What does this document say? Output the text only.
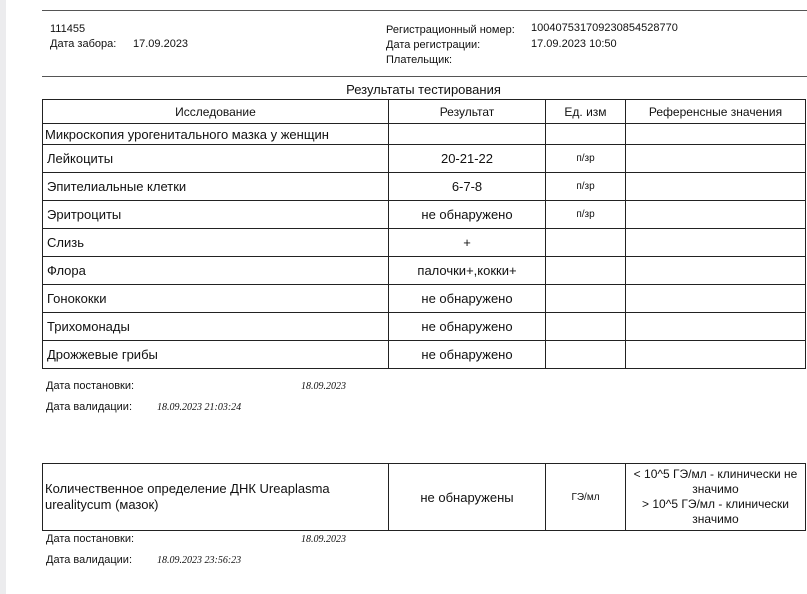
111455
Дата забора: 17.09.2023
Регистрационный номер: 1004075317092308545287​70
Дата регистрации:	17.09.2023 10:50
Плательщик:
Результаты тестирования
Исследование	Результат	Ед. изм	Референсные значения
Микроскопия урогенитального мазка у женщин			
Лейкоциты	20-21-22	п/зр	
Эпителиальные клетки	6-7-8	п/зр	
Эритроциты	не обнаружено	п/зр	
Слизь	+		
Флора	палочки+,кокки+		
Гонококки	не обнаружено		
Трихомонады	не обнаружено		
Дрожжевые грибы	не обнаружено		
Дата постановки:	18.09.2023
Дата валидации:	18.09.2023 21:03:24
Количественное определение ДНК Ureaplasma urealitycum (мазок)	не обнаружены	ГЭ/мл	
< 10^5 ГЭ/мл - клинически не значимо
> 10^5 ГЭ/мл - клинически значимо
Дата постановки:	18.09.2023
Дата валидации:	18.09.2023 23:56:23
